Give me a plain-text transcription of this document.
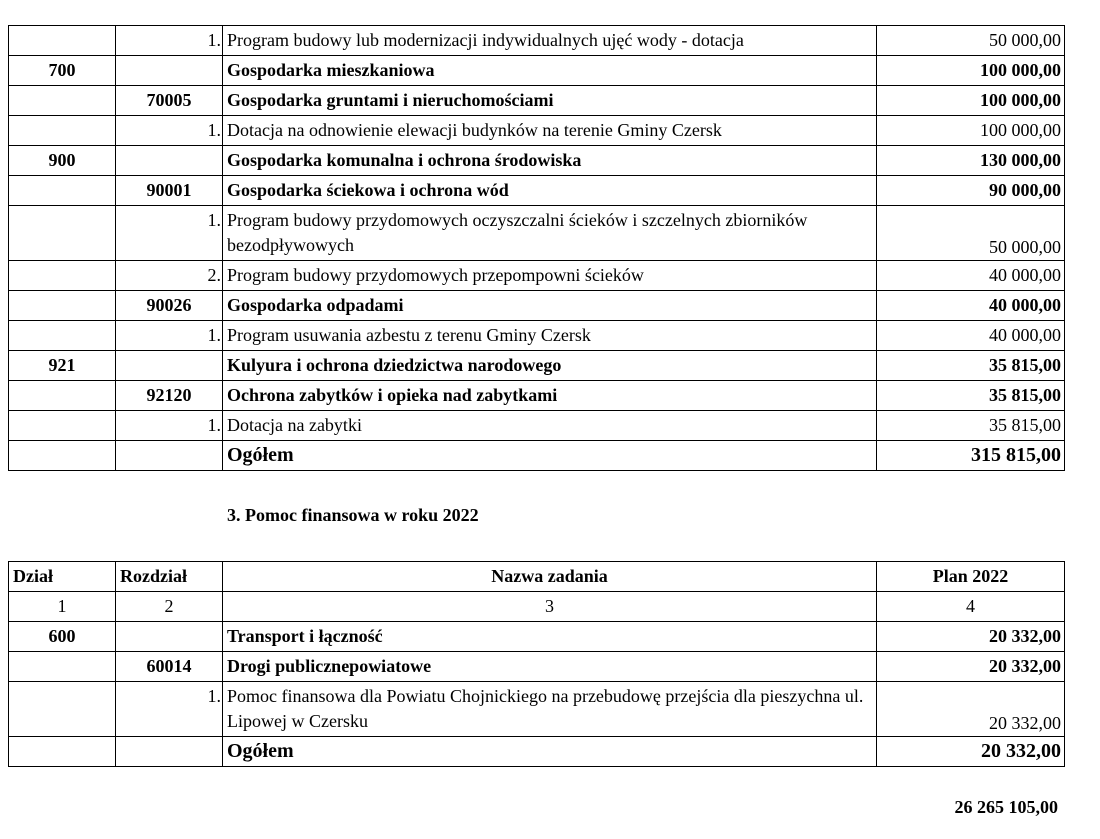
		1. Program budowy lub modernizacji indywidualnych ujęć wody - dotacja	50 000,00
700		Gospodarka mieszkaniowa	100 000,00
	70005	Gospodarka gruntami i nieruchomościami	100 000,00

		1. Dotacja na odnowienie elewacji budynków na terenie Gminy Czersk	100 000,00
900		Gospodarka komunalna i ochrona środowiska	130 000,00
	90001	Gospodarka ściekowa i ochrona wód	90 000,00

		1. Program budowy przydomowych oczyszczalni ścieków i szczelnych zbiorników bezodpływowych	50 000,00

		2. Program budowy przydomowych przepompowni ścieków	40 000,00
	90026	Gospodarka odpadami	40 000,00

		1. Program usuwania azbestu z terenu Gminy Czersk	40 000,00
921		Kulyura i ochrona dziedzictwa narodowego	35 815,00
	92120	Ochrona zabytków i opieka nad zabytkami	35 815,00

		1. Dotacja na zabytki	35 815,00
		Ogółem	315 815,00
3. Pomoc finansowa w roku 2022
Dział	Rozdział	Nazwa zadania	Plan 2022
1	2	3	4
600		Transport i łączność	20 332,00
	60014	Drogi publicznepowiatowe	20 332,00

		1. Pomoc finansowa dla Powiatu Chojnickiego na przebudowę przejścia dla pieszychna ul. Lipowej w Czersku	20 332,00
		Ogółem	20 332,00
26 265 105,00
